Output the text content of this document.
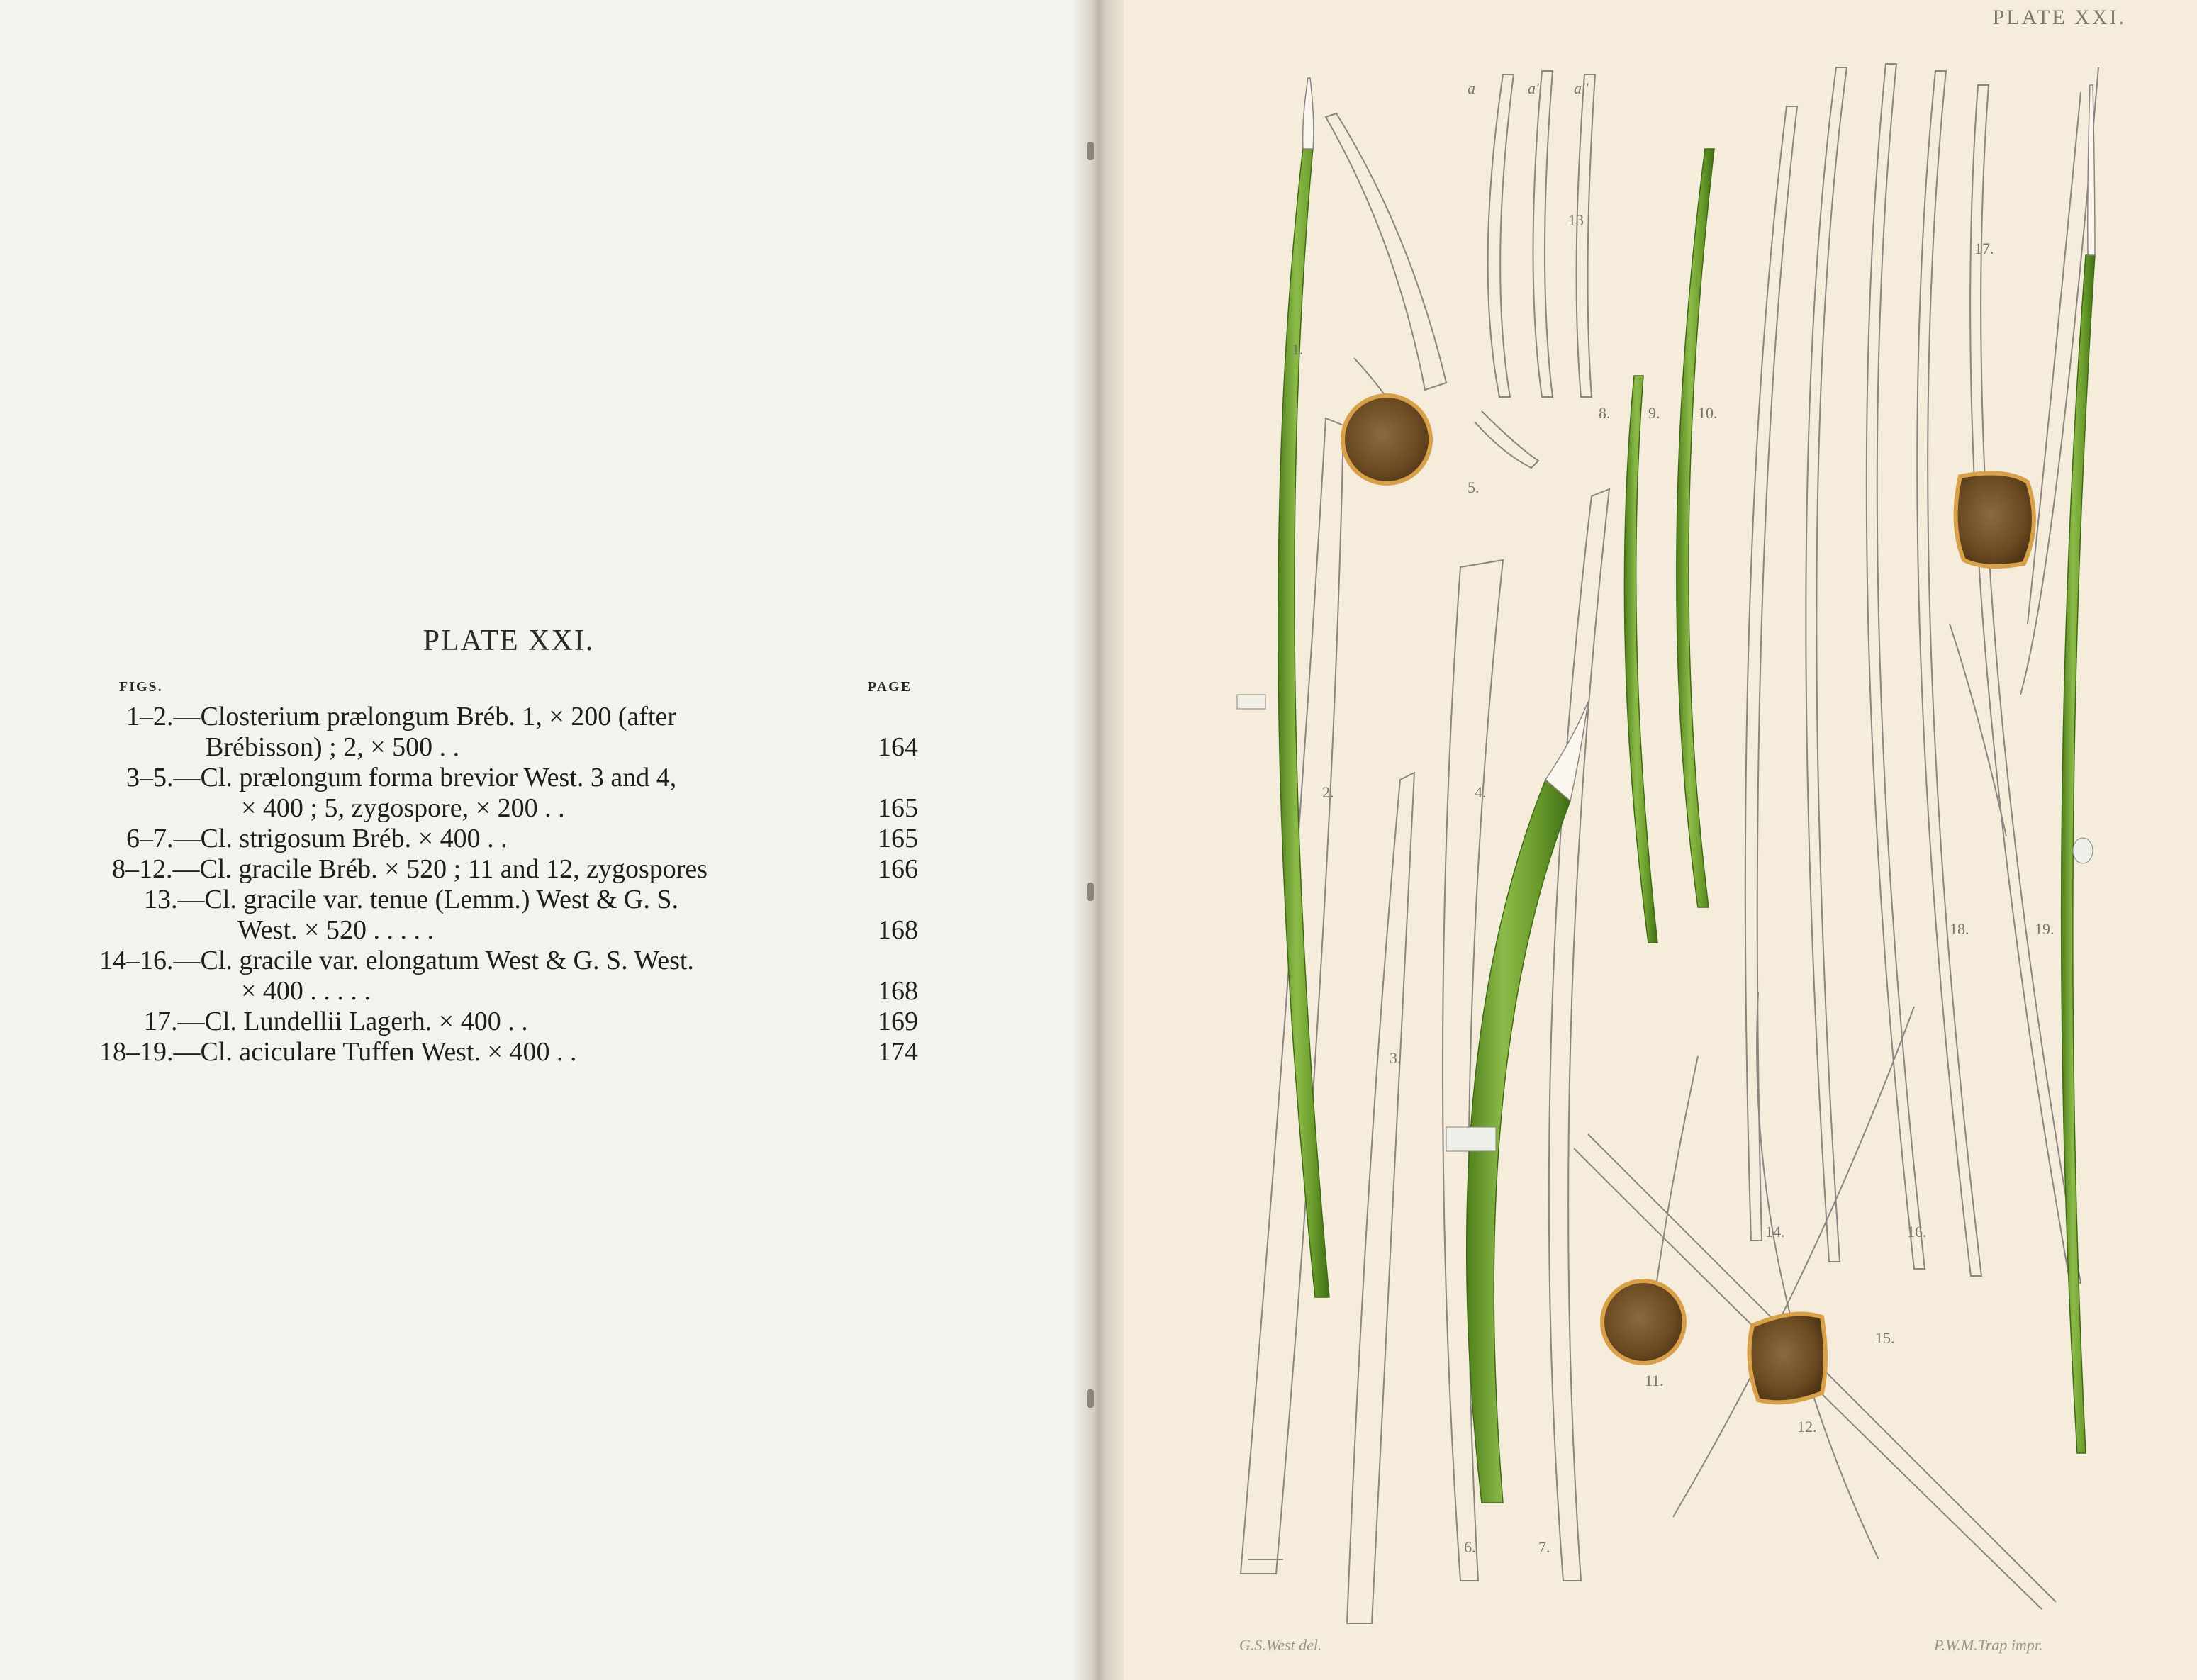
PLATE XXI.
FIGS.	PAGE
1–2.—Closterium prælongum Bréb. 1, × 200 (after
Brébisson) ; 2, × 500 . .	164
3–5.—Cl. prælongum forma brevior West. 3 and 4,
× 400 ; 5, zygospore, × 200 . .	165
6–7.—Cl. strigosum Bréb. × 400 . .	165
8–12.—Cl. gracile Bréb. × 520 ; 11 and 12, zygospores	166
13.—Cl. gracile var. tenue (Lemm.) West & G. S.
West. × 520 . . . . .	168
14–16.—Cl. gracile var. elongatum West & G. S. West.
× 400 . . . . .	168
17.—Cl. Lundellii Lagerh. × 400 . .	169
18–19.—Cl. aciculare Tuffen West. × 400 . .	174
PLATE XXI.
G.S.West del.	P.W.M.Trap impr.
1.
2.
3.
4.
5.
6.	7.
8. 9. 10.
11.
12.
13
14.
15.
16.
17.
18.	19.
a	a' a''
